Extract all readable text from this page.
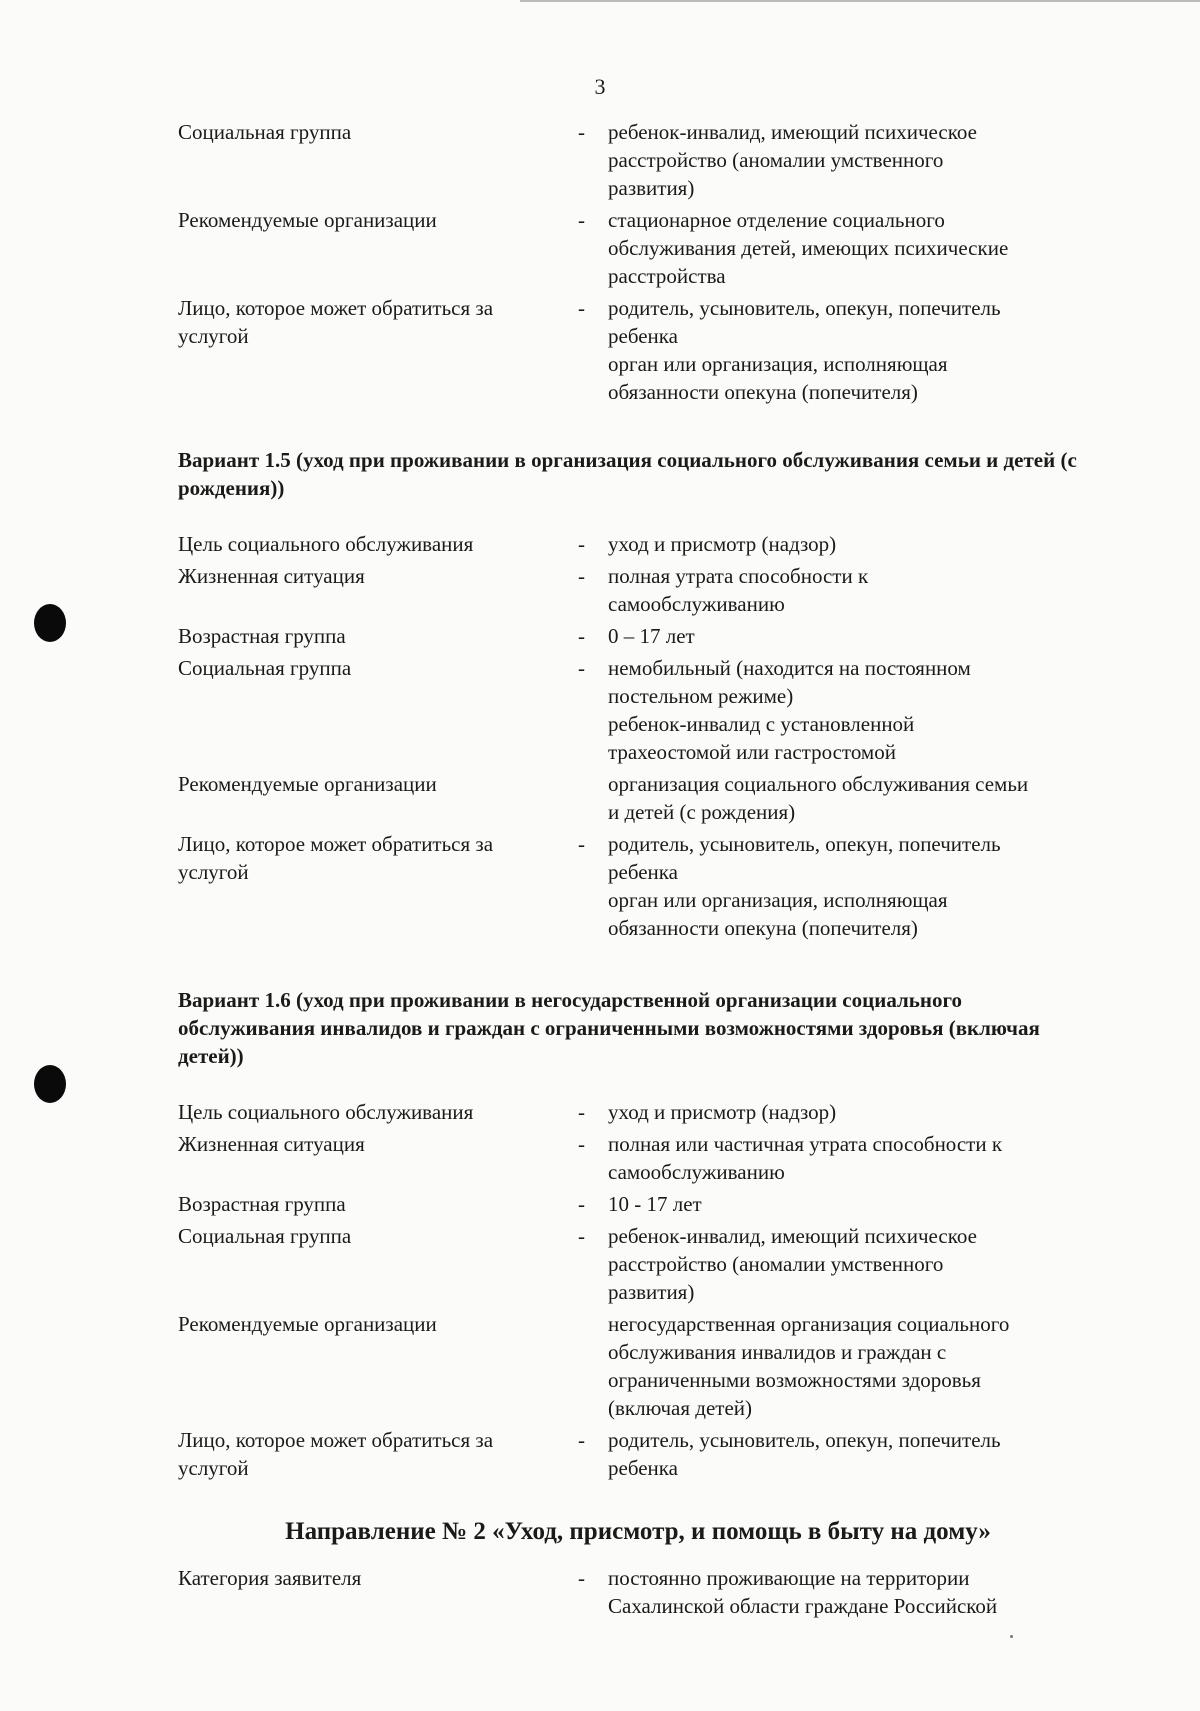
3
Социальная группа	-	ребенок-инвалид, имеющий психическое
расстройство (аномалии умственного
развития)
Рекомендуемые организации	-	стационарное отделение социального
обслуживания детей, имеющих психические
расстройства
Лицо, которое может обратиться за услугой
-	родитель, усыновитель, опекун, попечитель
ребенка
орган или организация, исполняющая
обязанности опекуна (попечителя)
Вариант 1.5 (уход при проживании в организация социального обслуживания семьи и детей (с рождения))
Цель социального обслуживания	-	уход и присмотр (надзор)
Жизненная ситуация	-	полная утрата способности к
самообслуживанию
Возрастная группа	-	0 – 17 лет
Социальная группа	-	немобильный (находится на постоянном
постельном режиме)
ребенок-инвалид с установленной
трахеостомой или гастростомой
Рекомендуемые организации	организация социального обслуживания семьи
и детей (с рождения)
Лицо, которое может обратиться за услугой
-	родитель, усыновитель, опекун, попечитель
ребенка
орган или организация, исполняющая
обязанности опекуна (попечителя)
Вариант 1.6 (уход при проживании в негосударственной организации социального обслуживания инвалидов и граждан с ограниченными возможностями здоровья (включая детей))
Цель социального обслуживания	-	уход и присмотр (надзор)
Жизненная ситуация	-	полная или частичная утрата способности к
самообслуживанию
Возрастная группа	-	10 - 17 лет
Социальная группа	-	ребенок-инвалид, имеющий психическое
расстройство (аномалии умственного
развития)
Рекомендуемые организации	негосударственная организация социального
обслуживания инвалидов и граждан с
ограниченными возможностями здоровья
(включая детей)
Лицо, которое может обратиться за услугой
-	родитель, усыновитель, опекун, попечитель
ребенка
Направление № 2 «Уход, присмотр, и помощь в быту на дому»
Категория заявителя	-	постоянно проживающие на территории
Сахалинской области граждане Российской
